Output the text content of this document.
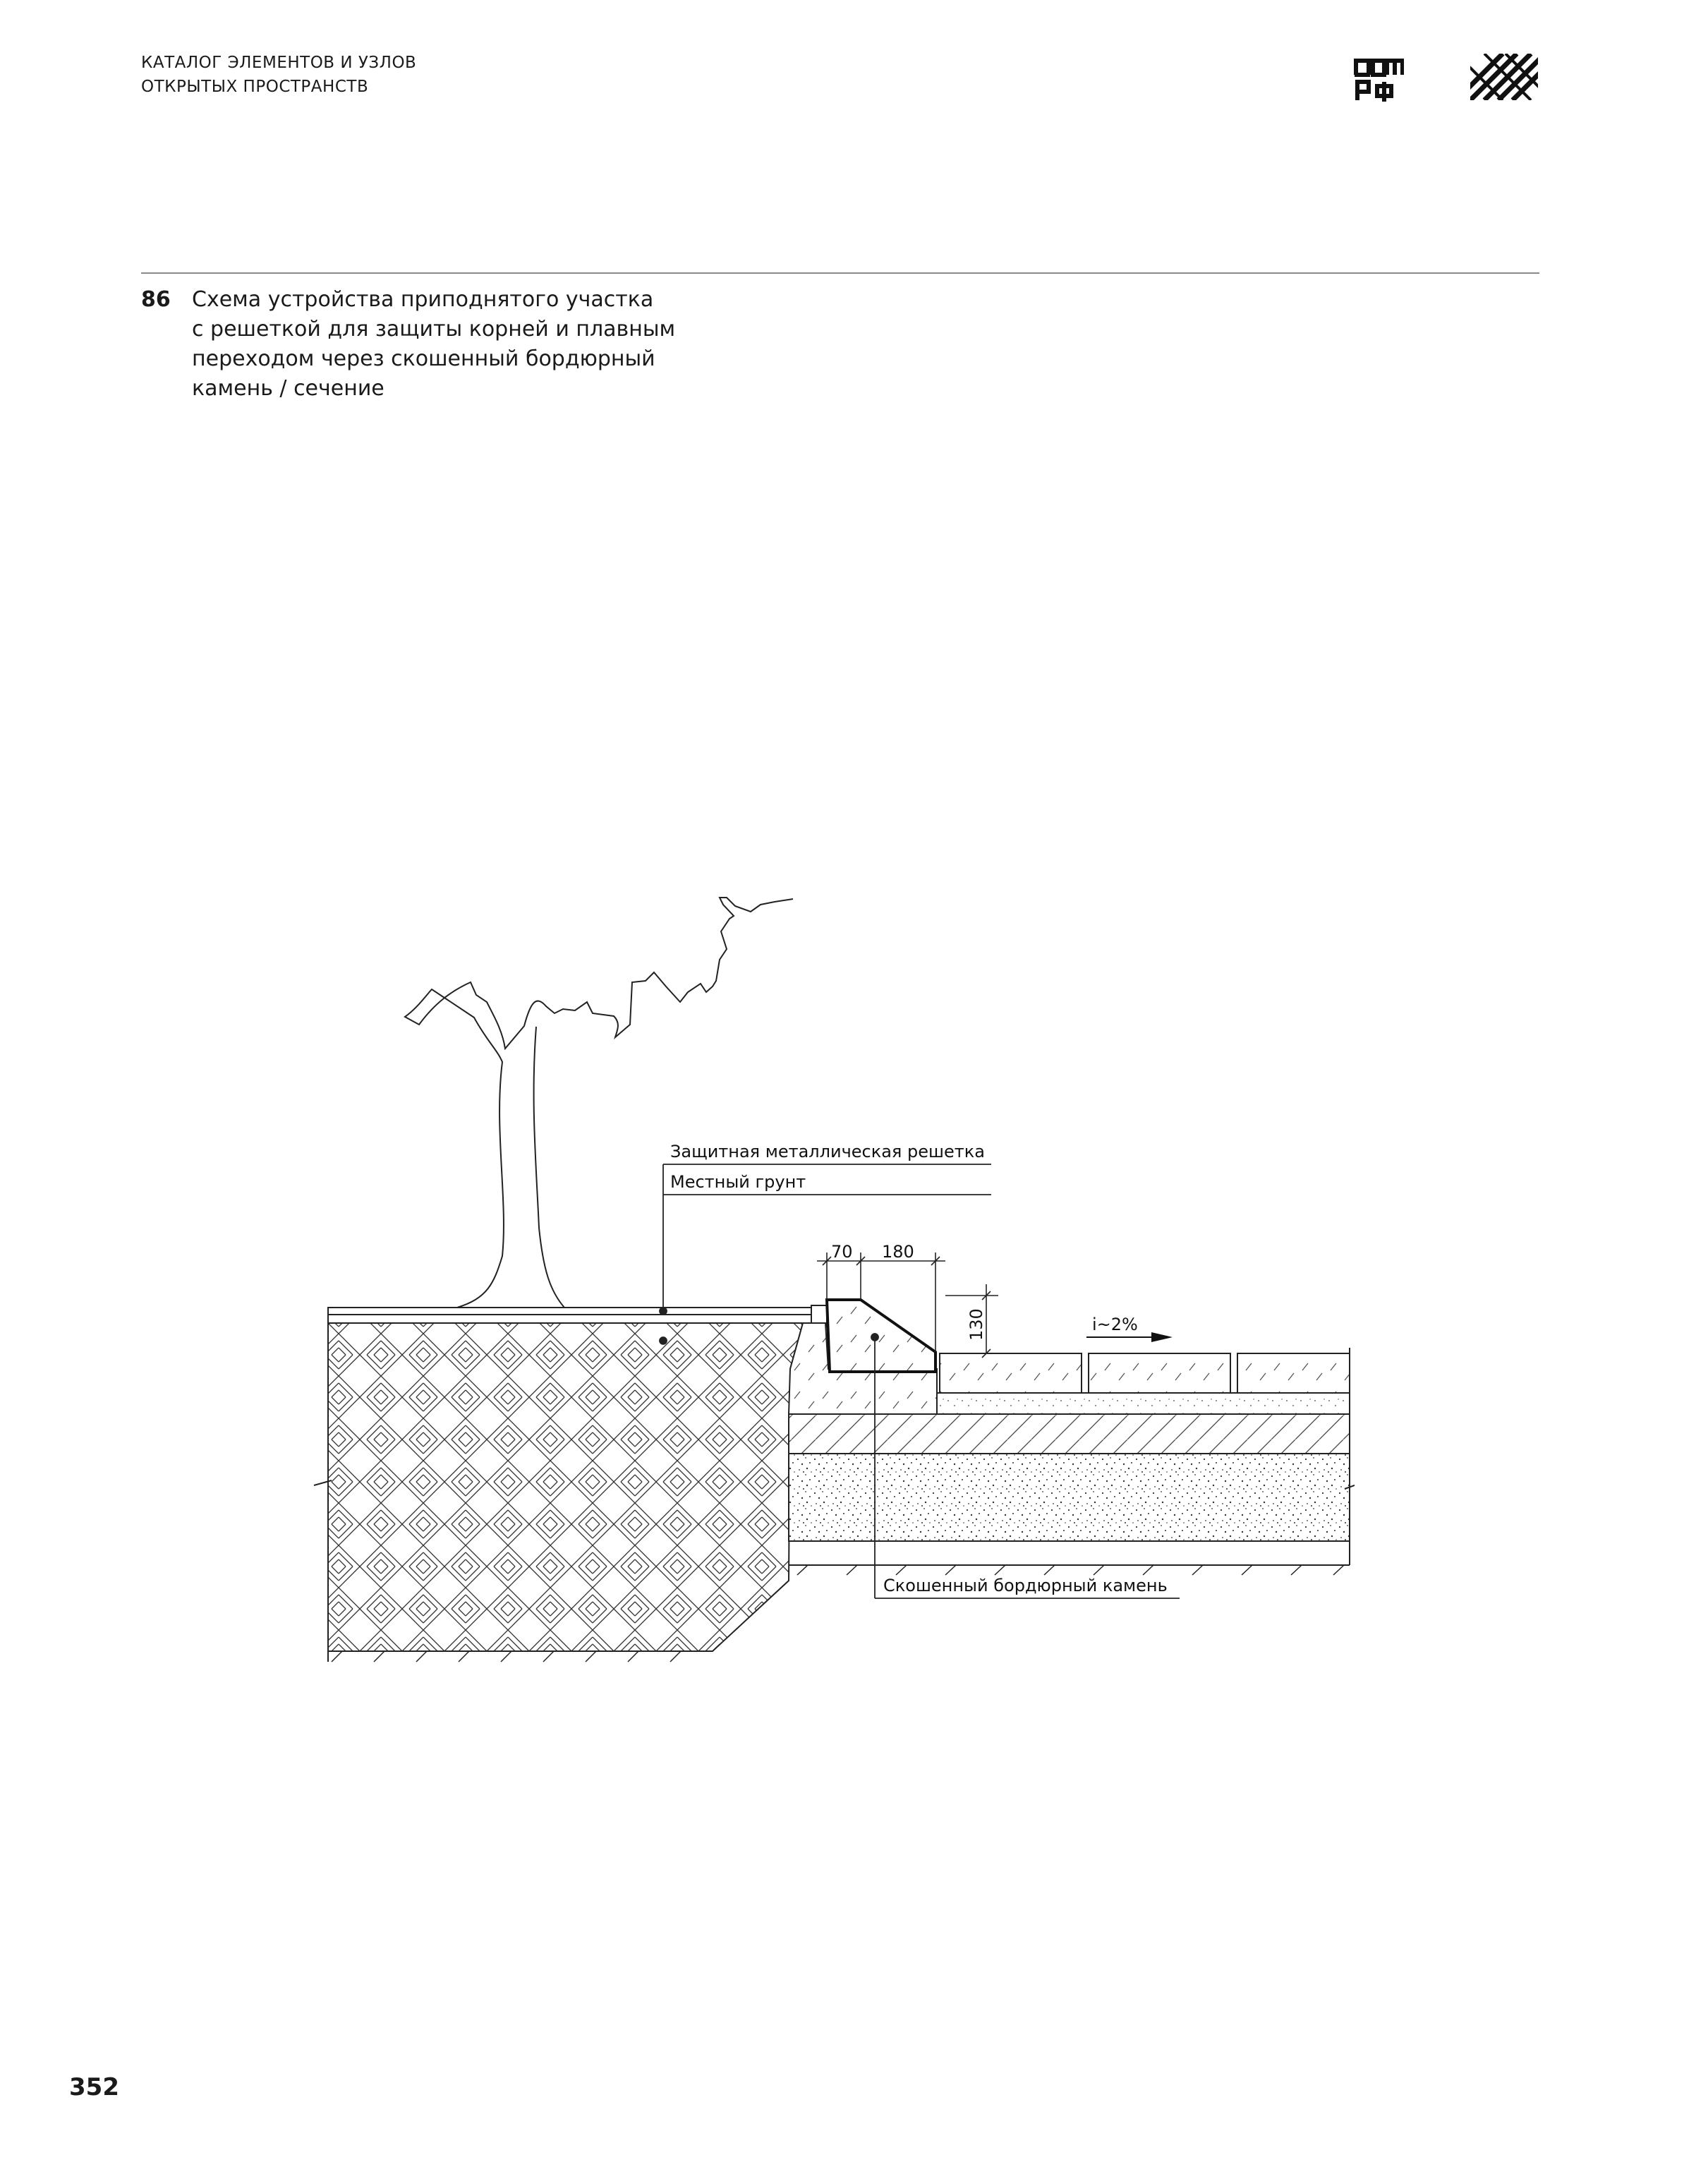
КАТАЛОГ ЭЛЕМЕНТОВ И УЗЛОВ
ОТКРЫТЫХ ПРОСТРАНСТВ
86 Схема устройства приподнятого участка
с решеткой для защиты корней и плавным
переходом через скошенный бордюрный
камень / сечение
Защитная металлическая решетка
Местный грунт
Скошенный бордюрный камень
70 180
130	i~2%
352
